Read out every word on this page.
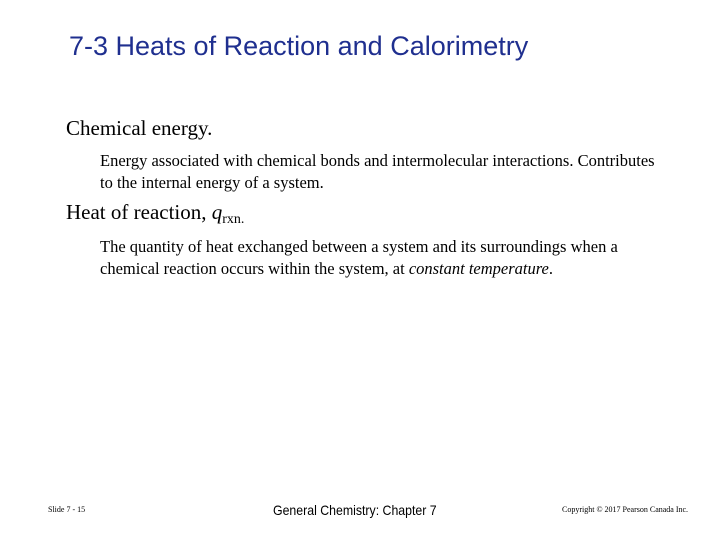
7-3 Heats of Reaction and Calorimetry
Chemical energy.
Energy associated with chemical bonds and intermolecular interactions. Contributes to the internal energy of a system.
Heat of reaction, $q_{rxn.}$
The quantity of heat exchanged between a system and its surroundings when a chemical reaction occurs within the system, at constant temperature.
Slide 7 - 15	General Chemistry: Chapter 7	Copyright © 2017 Pearson Canada Inc.
